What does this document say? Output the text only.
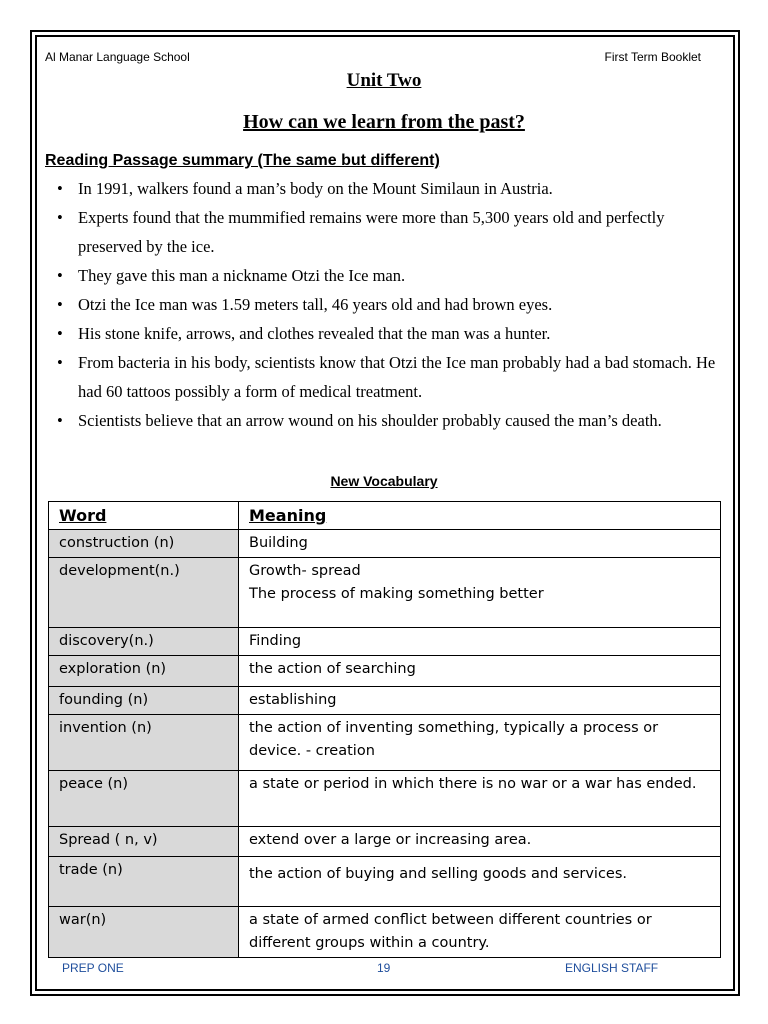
Al Manar Language School	First Term Booklet
Unit Two
How can we learn from the past?
Reading Passage summary (The same but different)
• In 1991, walkers found a man’s body on the Mount Similaun in Austria.
• Experts found that the mummified remains were more than 5,300 years old and perfectly preserved by the ice.
• They gave this man a nickname Otzi the Ice man.
• Otzi the Ice man was 1.59 meters tall, 46 years old and had brown eyes.
• His stone knife, arrows, and clothes revealed that the man was a hunter.
• From bacteria in his body, scientists know that Otzi the Ice man probably had a bad stomach. He had 60 tattoos possibly a form of medical treatment.
• Scientists believe that an arrow wound on his shoulder probably caused the man’s death.
New Vocabulary
Word	Meaning
construction (n)	Building
development(n.)	Growth- spread
The process of making something better
discovery(n.)	Finding
exploration (n)	the action of searching
founding (n)	establishing
invention (n)	the action of inventing something, typically a process or device. - creation
peace (n)	a state or period in which there is no war or a war has ended.
Spread ( n, v)	extend over a large or increasing area.
trade (n)	the action of buying and selling goods and services.
war(n)	a state of armed conflict between different countries or different groups within a country.
PREP ONE	19	ENGLISH STAFF
